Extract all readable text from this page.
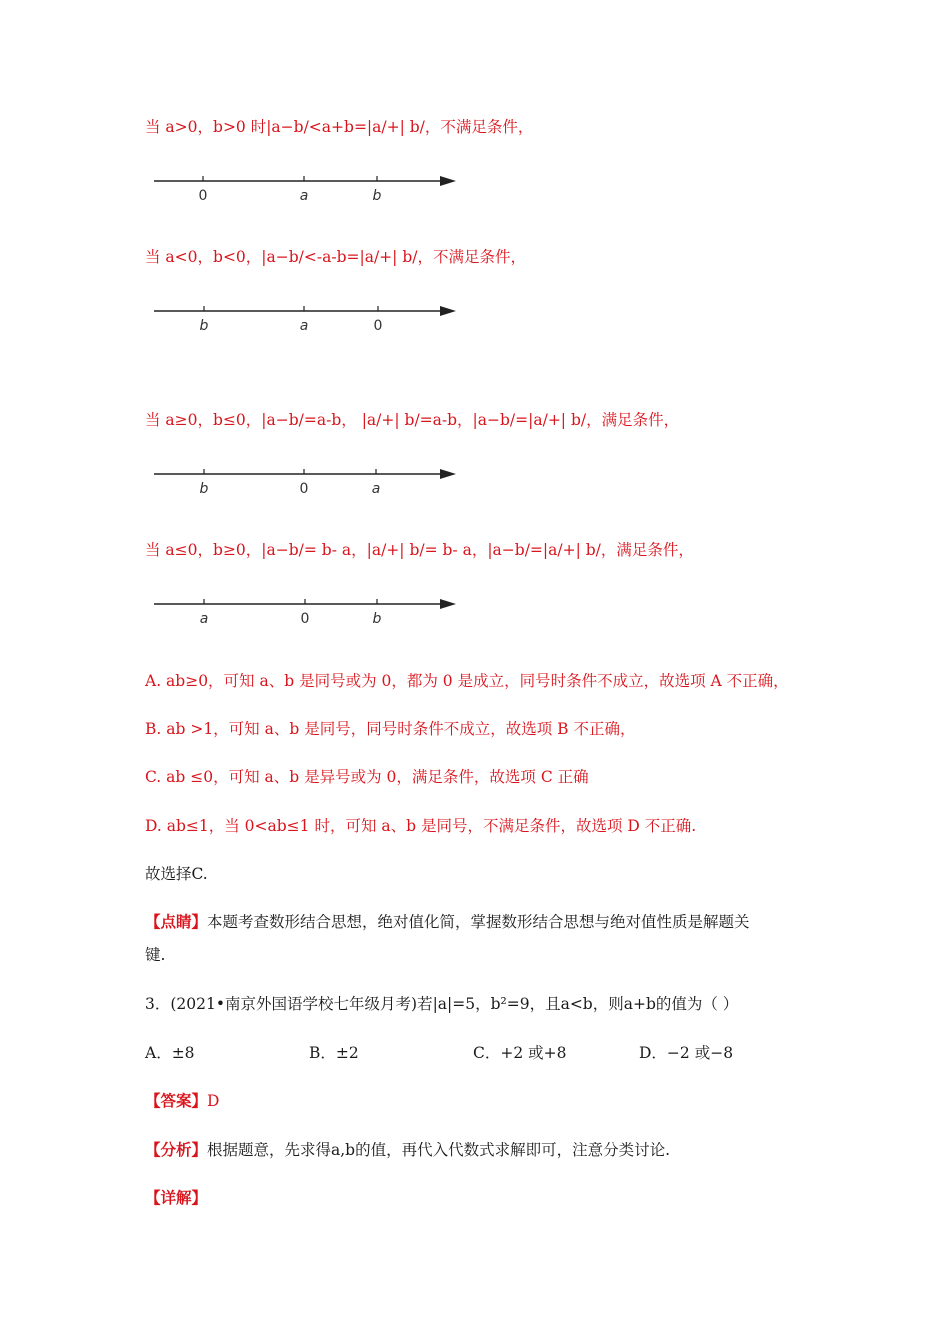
当 a>0，b>0 时|a−b/<a+b=|a/+| b/，不满足条件，
0	a	b
当 a<0，b<0，|a−b/<-a-b=|a/+| b/，不满足条件，
b	a	0
当 a≥0，b≤0，|a−b/=a-b， |a/+| b/=a-b，|a−b/=|a/+| b/，满足条件，
b	0	a
当 a≤0，b≥0，|a−b/= b- a，|a/+| b/= b- a，|a−b/=|a/+| b/，满足条件，
a	0	b
A. ab≥0，可知 a、b 是同号或为 0，都为 0 是成立，同号时条件不成立，故选项 A 不正确，
B. ab >1，可知 a、b 是同号，同号时条件不成立，故选项 B 不正确，
C. ab ≤0，可知 a、b 是异号或为 0，满足条件，故选项 C 正确
D. ab≤1，当 0<ab≤1 时，可知 a、b 是同号，不满足条件，故选项 D 不正确.
故选择C.
【点睛】本题考查数形结合思想，绝对值化简，掌握数形结合思想与绝对值性质是解题关
键.
3．(2021•南京外国语学校七年级月考)若|a|=5，b²=9，且a<b，则a+b的值为（ ）
A．±8	B．±2	C．+2 或+8	D．−2 或−8
【答案】D
【分析】根据题意，先求得a,b的值，再代入代数式求解即可，注意分类讨论.
【详解】
